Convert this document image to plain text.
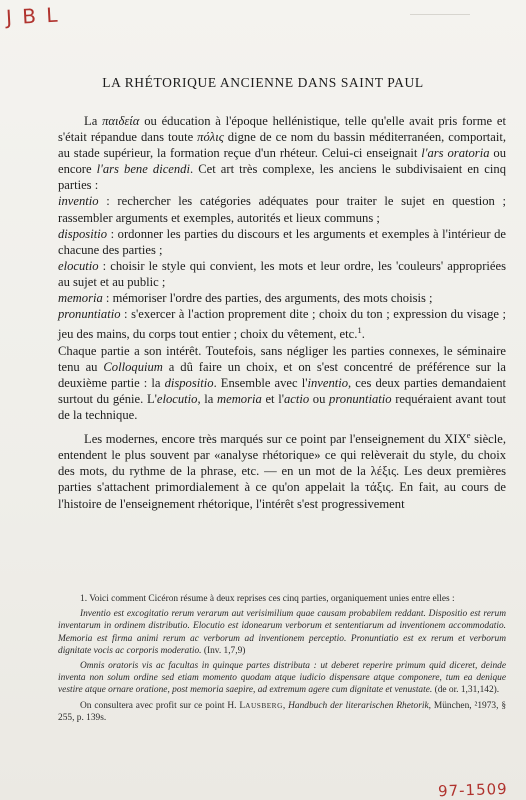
J B L
LA RHÉTORIQUE ANCIENNE DANS SAINT PAUL

La παιδεία ou éducation à l'époque hellénistique, telle qu'elle avait pris forme et s'était répandue dans toute πόλις digne de ce nom du bassin méditerranéen, comportait, au stade supérieur, la formation reçue d'un rhéteur. Celui-ci enseignait l'ars oratoria ou encore l'ars bene dicendi. Cet art très complexe, les anciens le subdivisaient en cinq parties :

inventio : rechercher les catégories adéquates pour traiter le sujet en question ; rassembler arguments et exemples, autorités et lieux communs ;

dispositio : ordonner les parties du discours et les arguments et exemples à l'intérieur de chacune des parties ;

elocutio : choisir le style qui convient, les mots et leur ordre, les 'couleurs' appropriées au sujet et au public ;

memoria : mémoriser l'ordre des parties, des arguments, des mots choisis ;

pronuntiatio : s'exercer à l'action proprement dite ; choix du ton ; expression du visage ; jeu des mains, du corps tout entier ; choix du vêtement, etc.$^1$.

Chaque partie a son intérêt. Toutefois, sans négliger les parties connexes, le séminaire tenu au Colloquium a dû faire un choix, et on s'est concentré de préférence sur la deuxième partie : la dispositio. Ensemble avec l'inventio, ces deux parties demandaient surtout du génie. L'elocutio, la memoria et l'actio ou pronuntiatio requéraient avant tout de la technique.

Les modernes, encore très marqués sur ce point par l'enseignement du XIXe siècle, entendent le plus souvent par «analyse rhétorique» ce qui relèverait du style, du choix des mots, du rythme de la phrase, etc. — en un mot de la λέξις. Les deux premières parties s'attachent primordialement à ce qu'on appelait la τάξις. En fait, au cours de l'histoire de l'enseignement rhétorique, l'intérêt s'est progressivement

1. Voici comment Cicéron résume à deux reprises ces cinq parties, organiquement unies entre elles :

Inventio est excogitatio rerum verarum aut verisimilium quae causam probabilem reddant. Dispositio est rerum inventarum in ordinem distributio. Elocutio est idonearum verborum et sententiarum ad inventionem accommodatio. Memoria est firma animi rerum ac verborum ad inventionem perceptio. Pronuntiatio est ex rerum et verborum dignitate vocis ac corporis moderatio. (Inv. 1,7,9)

Omnis oratoris vis ac facultas in quinque partes distributa : ut deberet reperire primum quid diceret, deinde inventa non solum ordine sed etiam momento quodam atque iudicio dispensare atque componere, tum ea denique vestire atque ornare oratione, post memoria saepire, ad extremum agere cum dignitate et venustate. (de or. 1,31,142).

On consultera avec profit sur ce point H. LAUSBERG, Handbuch der literarischen Rhetorik, München, ²1973, § 255, p. 139s.

97-1509
